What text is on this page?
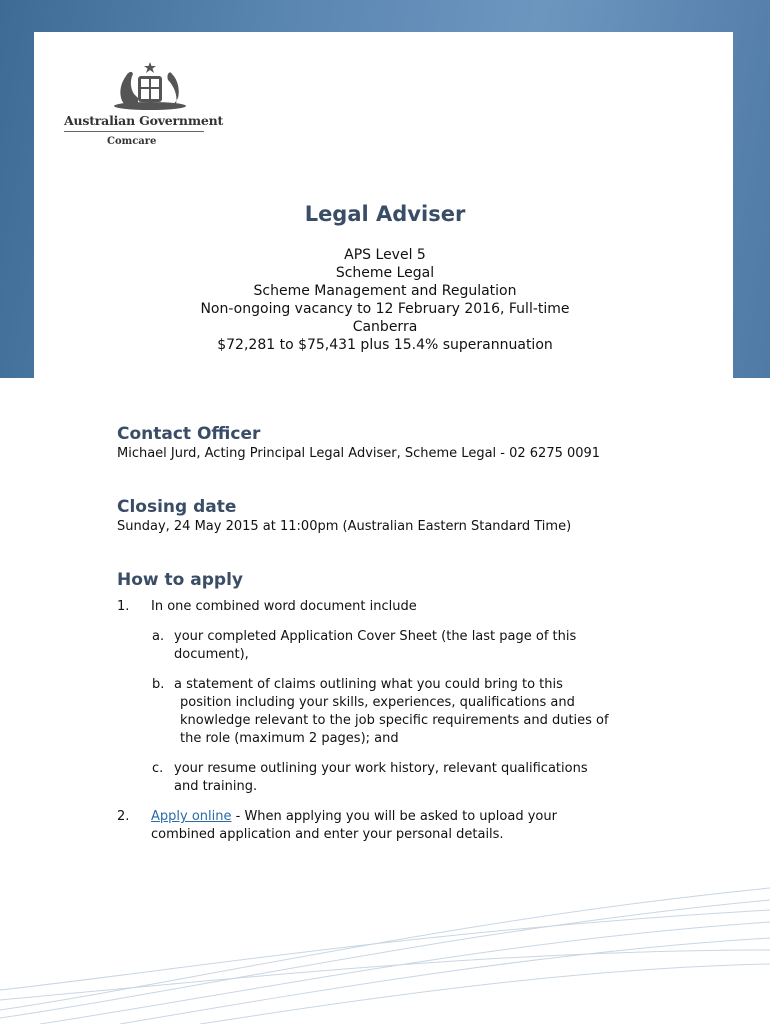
Australian Government
Comcare
Legal Adviser
APS Level 5
Scheme Legal
Scheme Management and Regulation
Non-ongoing vacancy to 12 February 2016, Full-time
Canberra
$72,281 to $75,431 plus 15.4% superannuation
Contact Officer
Michael Jurd, Acting Principal Legal Adviser, Scheme Legal - 02 6275 0091
Closing date
Sunday, 24 May 2015 at 11:00pm (Australian Eastern Standard Time)
How to apply
1. In one combined word document include
a. your completed Application Cover Sheet (the last page of this
document),
b. a statement of claims outlining what you could bring to this
position including your skills, experiences, qualifications and
knowledge relevant to the job specific requirements and duties of
the role (maximum 2 pages); and
c. your resume outlining your work history, relevant qualifications
and training.
2. Apply online - When applying you will be asked to upload your
combined application and enter your personal details.
